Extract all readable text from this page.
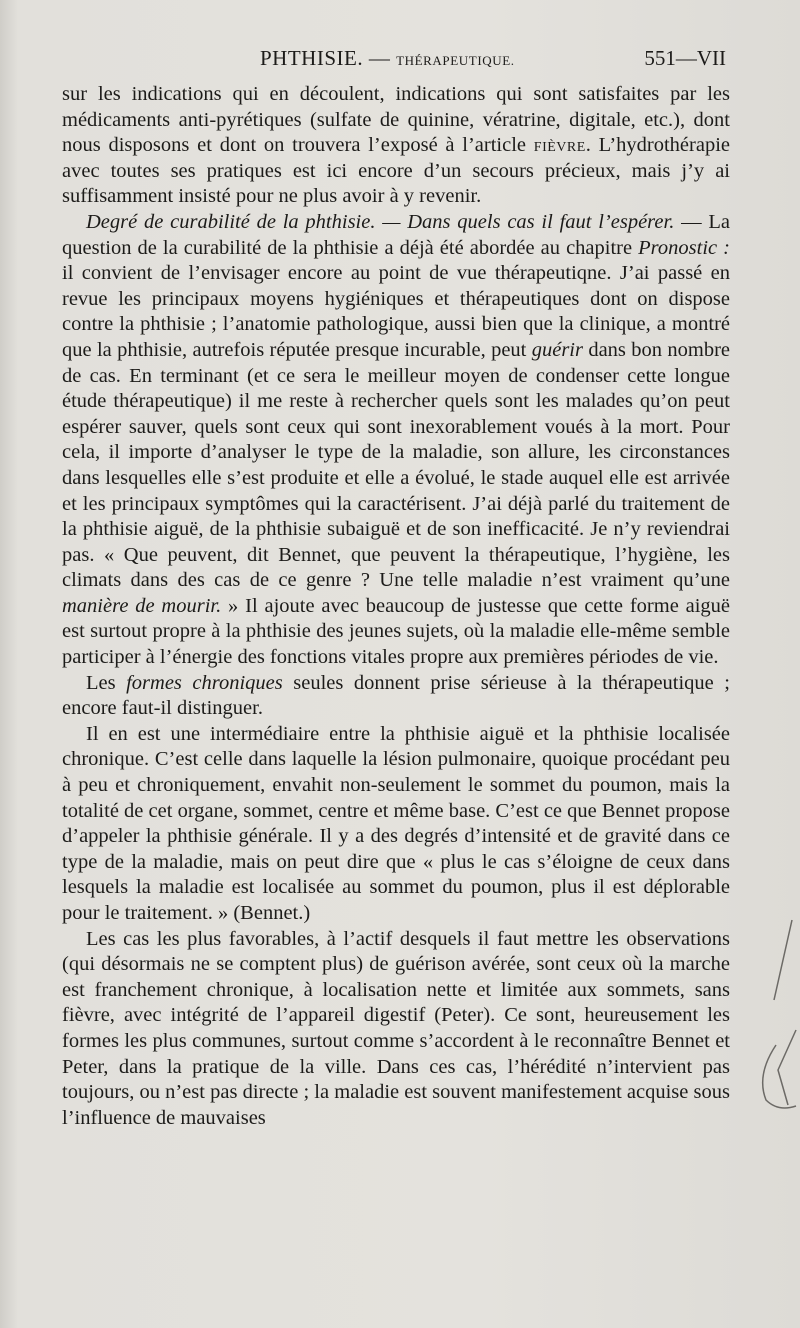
PHTHISIE. — THÉRAPEUTIQUE.	551—VII

sur les indications qui en découlent, indications qui sont satisfaites par les médicaments anti-pyrétiques (sulfate de quinine, vératrine, digitale, etc.), dont nous disposons et dont on trouvera l’exposé à l’article fièvre. L’hydrothérapie avec toutes ses pratiques est ici encore d’un secours précieux, mais j’y ai suffisamment insisté pour ne plus avoir à y revenir.

Degré de curabilité de la phthisie. — Dans quels cas il faut l’espérer. — La question de la curabilité de la phthisie a déjà été abordée au chapitre Pronostic : il convient de l’envisager encore au point de vue thérapeutiqne. J’ai passé en revue les principaux moyens hygiéniques et thérapeutiques dont on dispose contre la phthisie ; l’anatomie pathologique, aussi bien que la clinique, a montré que la phthisie, autrefois réputée presque incurable, peut guérir dans bon nombre de cas. En terminant (et ce sera le meilleur moyen de condenser cette longue étude thérapeutique) il me reste à rechercher quels sont les malades qu’on peut espérer sauver, quels sont ceux qui sont inexorablement voués à la mort. Pour cela, il importe d’analyser le type de la maladie, son allure, les circonstances dans lesquelles elle s’est produite et elle a évolué, le stade auquel elle est arrivée et les principaux symptômes qui la caractérisent. J’ai déjà parlé du traitement de la phthisie aiguë, de la phthisie subaiguë et de son inefficacité. Je n’y reviendrai pas. « Que peuvent, dit Bennet, que peuvent la thérapeutique, l’hygiène, les climats dans des cas de ce genre ? Une telle maladie n’est vraiment qu’une manière de mourir. » Il ajoute avec beaucoup de justesse que cette forme aiguë est surtout propre à la phthisie des jeunes sujets, où la maladie elle-même semble participer à l’énergie des fonctions vitales propre aux premières périodes de vie.

Les formes chroniques seules donnent prise sérieuse à la thérapeutique ; encore faut-il distinguer.

Il en est une intermédiaire entre la phthisie aiguë et la phthisie localisée chronique. C’est celle dans laquelle la lésion pulmonaire, quoique procédant peu à peu et chroniquement, envahit non-seulement le sommet du poumon, mais la totalité de cet organe, sommet, centre et même base. C’est ce que Bennet propose d’appeler la phthisie générale. Il y a des degrés d’intensité et de gravité dans ce type de la maladie, mais on peut dire que « plus le cas s’éloigne de ceux dans lesquels la maladie est localisée au sommet du poumon, plus il est déplorable pour le traitement. » (Bennet.)

Les cas les plus favorables, à l’actif desquels il faut mettre les observations (qui désormais ne se comptent plus) de guérison avérée, sont ceux où la marche est franchement chronique, à localisation nette et limitée aux sommets, sans fièvre, avec intégrité de l’appareil digestif (Peter). Ce sont, heureusement les formes les plus communes, surtout comme s’accordent à le reconnaître Bennet et Peter, dans la pratique de la ville. Dans ces cas, l’hérédité n’intervient pas toujours, ou n’est pas directe ; la maladie est souvent manifestement acquise sous l’influence de mauvaises
